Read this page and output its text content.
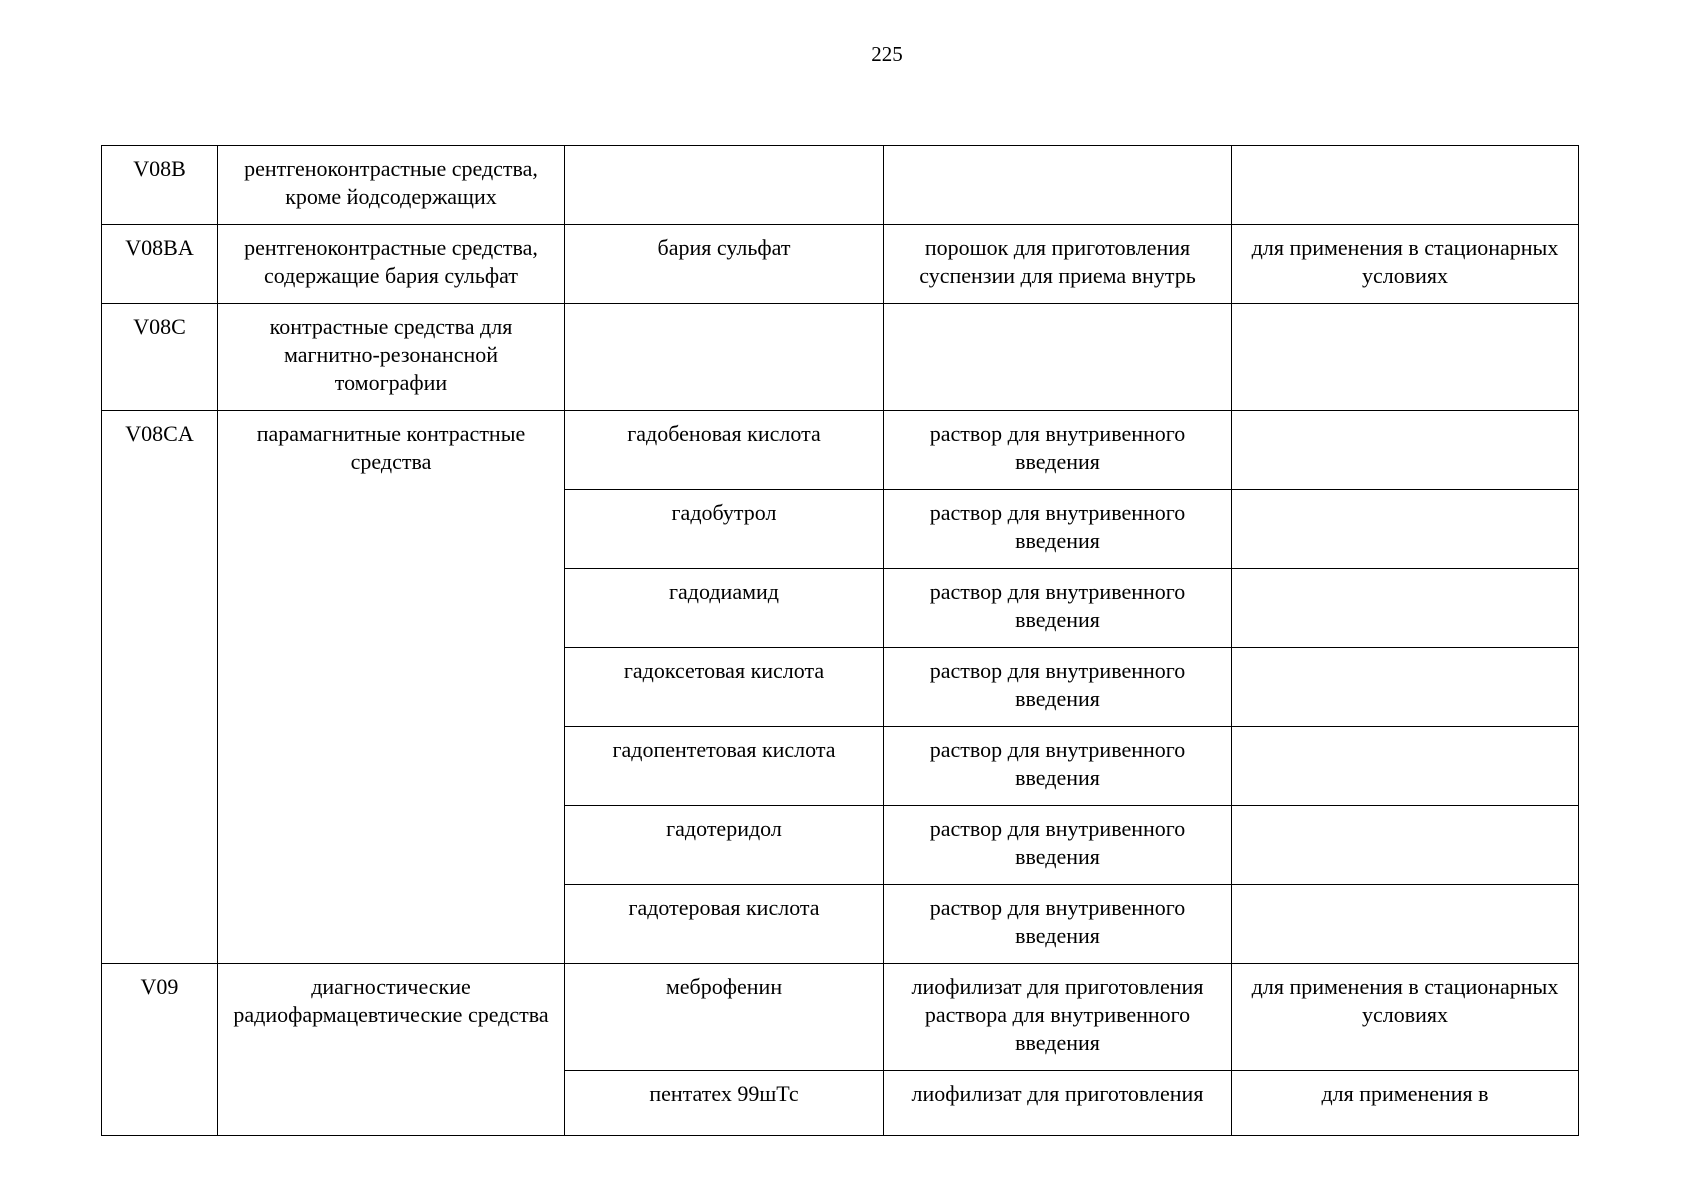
225
V08B	рентгеноконтрастные средства, кроме йодсодержащих			
V08BA	рентгеноконтрастные средства, содержащие бария сульфат	бария сульфат	порошок для приготовления суспензии для приема внутрь	для применения в стационарных условиях
V08C	контрастные средства для магнитно-резонансной томографии			
V08CA	парамагнитные контрастные средства	гадобеновая кислота	раствор для внутривенного введения	
		гадобутрол	раствор для внутривенного введения	
		гадодиамид	раствор для внутривенного введения	
		гадоксетовая кислота	раствор для внутривенного введения	
		гадопентетовая кислота	раствор для внутривенного введения	
		гадотеридол	раствор для внутривенного введения	
		гадотеровая кислота	раствор для внутривенного введения	
V09	диагностические радиофармацевтические средства	меброфенин	лиофилизат для приготовления раствора для внутривенного введения	для применения в стационарных условиях
		пентатех 99шТс	лиофилизат для приготовления	для применения в
